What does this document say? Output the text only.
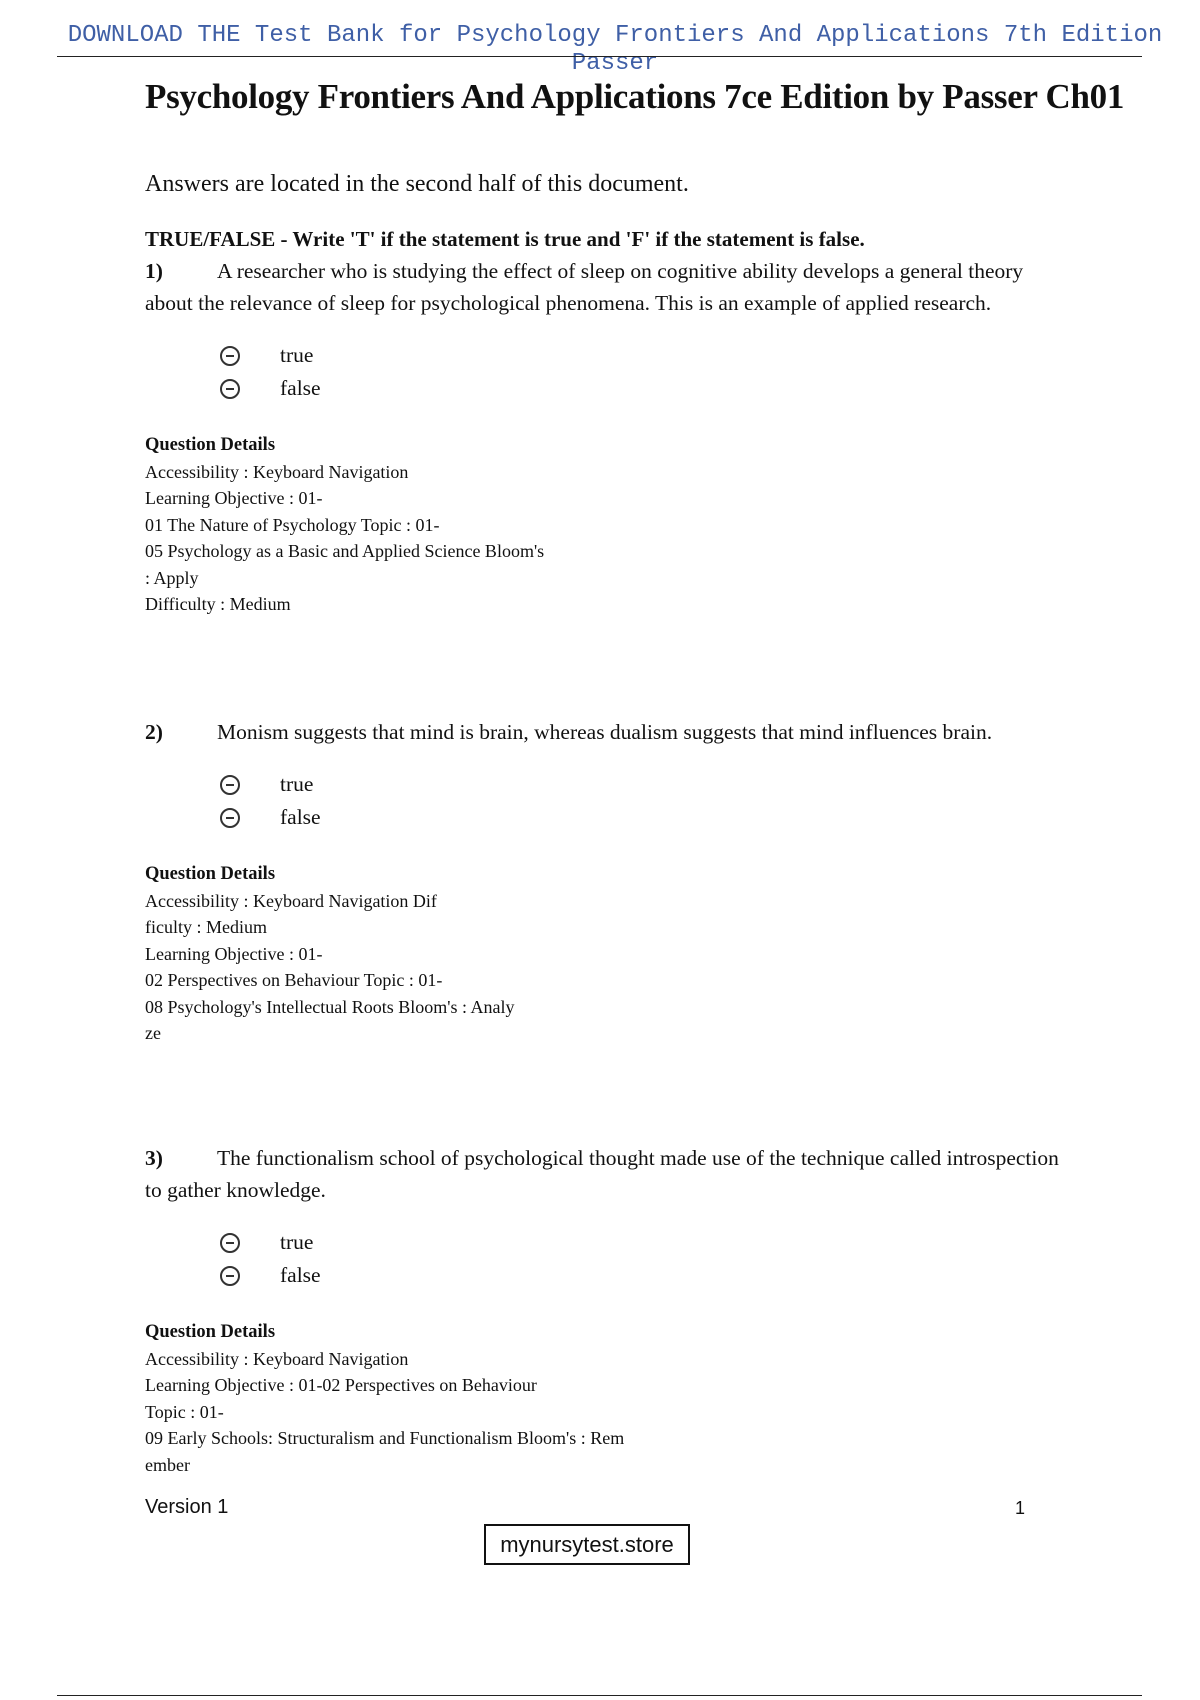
DOWNLOAD THE Test Bank for Psychology Frontiers And Applications 7th Edition Passer
Psychology Frontiers And Applications 7ce Edition by Passer Ch01
Answers are located in the second half of this document.
TRUE/FALSE - Write 'T' if the statement is true and 'F' if the statement is false.

1)	A researcher who is studying the effect of sleep on cognitive ability develops a general theory about the relevance of sleep for psychological phenomena. This is an example of applied research.

true
false
Question Details
Accessibility : Keyboard Navigation
Learning Objective : 01-
01 The Nature of Psychology Topic : 01-
05 Psychology as a Basic and Applied Science Bloom's
: Apply
Difficulty : Medium

2)	Monism suggests that mind is brain, whereas dualism suggests that mind influences brain.

true
false
Question Details
Accessibility : Keyboard Navigation Dif
ficulty : Medium
Learning Objective : 01-
02 Perspectives on Behaviour Topic : 01-
08 Psychology's Intellectual Roots Bloom's : Analy
ze

3)	The functionalism school of psychological thought made use of the technique called introspection to gather knowledge.

true
false
Question Details
Accessibility : Keyboard Navigation
Learning Objective : 01-02 Perspectives on Behaviour
Topic : 01-
09 Early Schools: Structuralism and Functionalism Bloom's : Rem
ember
Version 1	1
mynursytest.store
